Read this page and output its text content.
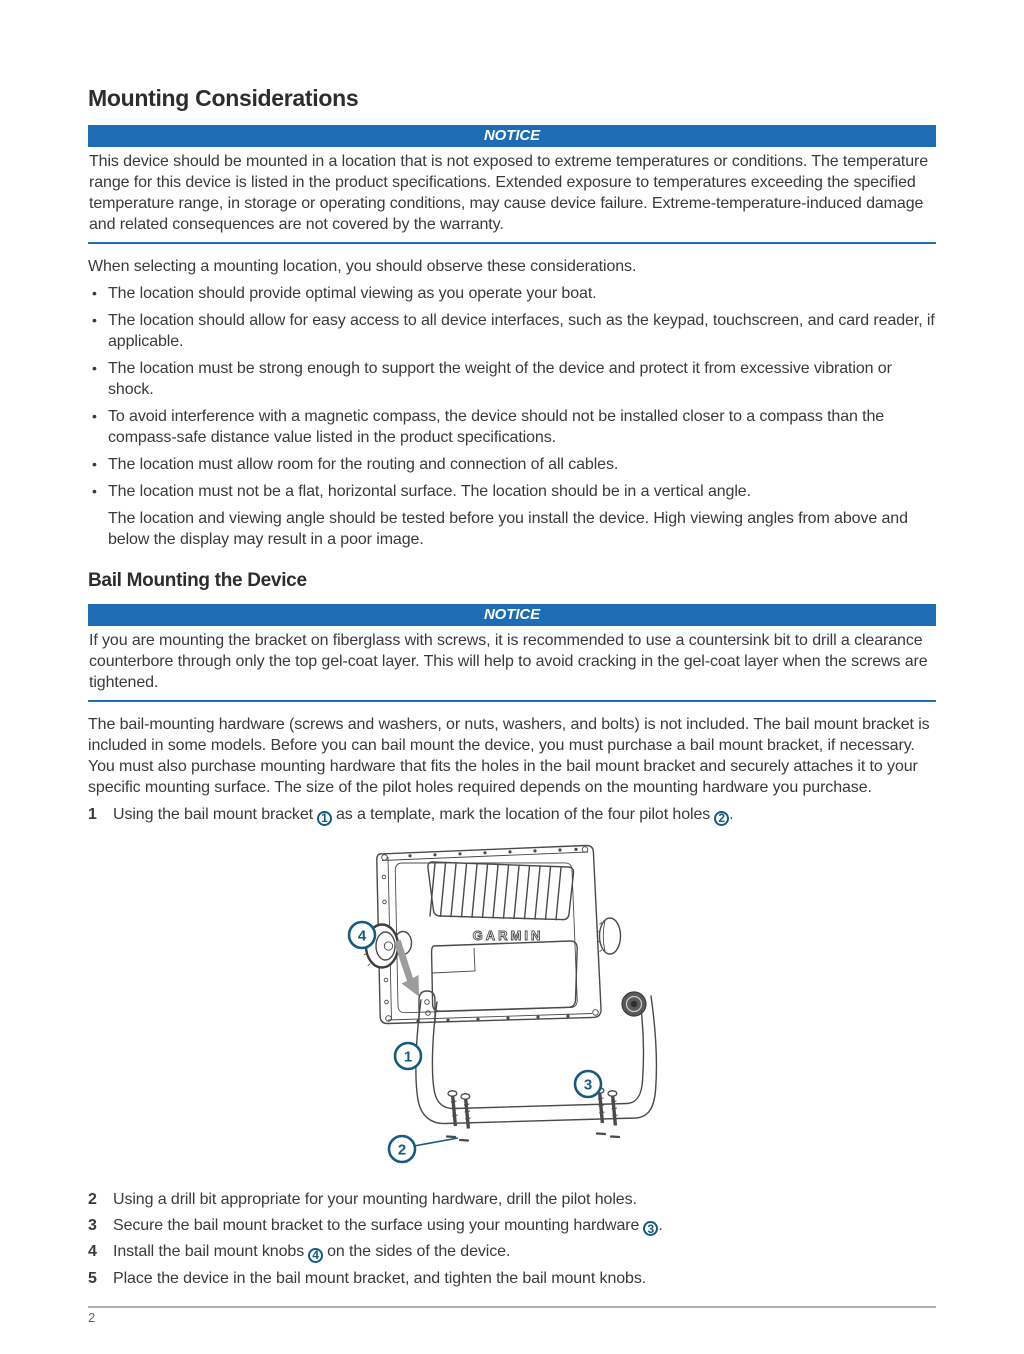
Mounting Considerations
NOTICE
This device should be mounted in a location that is not exposed to extreme temperatures or conditions. The temperature range for this device is listed in the product specifications. Extended exposure to temperatures exceeding the specified temperature range, in storage or operating conditions, may cause device failure. Extreme-temperature-induced damage and related consequences are not covered by the warranty.

When selecting a mounting location, you should observe these considerations.

• The location should provide optimal viewing as you operate your boat.
• The location should allow for easy access to all device interfaces, such as the keypad, touchscreen, and card reader, if applicable.
• The location must be strong enough to support the weight of the device and protect it from excessive vibration or shock.
• To avoid interference with a magnetic compass, the device should not be installed closer to a compass than the compass-safe distance value listed in the product specifications.
• The location must allow room for the routing and connection of all cables.
• The location must not be a flat, horizontal surface. The location should be in a vertical angle.

The location and viewing angle should be tested before you install the device. High viewing angles from above and below the display may result in a poor image.

Bail Mounting the Device
NOTICE
If you are mounting the bracket on fiberglass with screws, it is recommended to use a countersink bit to drill a clearance counterbore through only the top gel-coat layer. This will help to avoid cracking in the gel-coat layer when the screws are tightened.

The bail-mounting hardware (screws and washers, or nuts, washers, and bolts) is not included. The bail mount bracket is included in some models. Before you can bail mount the device, you must purchase a bail mount bracket, if necessary. You must also purchase mounting hardware that fits the holes in the bail mount bracket and securely attaches it to your specific mounting surface. The size of the pilot holes required depends on the mounting hardware you purchase.

1	Using the bail mount bracket 1 as a template, mark the location of the four pilot holes 2 .
GARMIN
4
1
3
2
2	Using a drill bit appropriate for your mounting hardware, drill the pilot holes.
3	Secure the bail mount bracket to the surface using your mounting hardware 3 .
4	Install the bail mount knobs 4 on the sides of the device.
5	Place the device in the bail mount bracket, and tighten the bail mount knobs.
2
